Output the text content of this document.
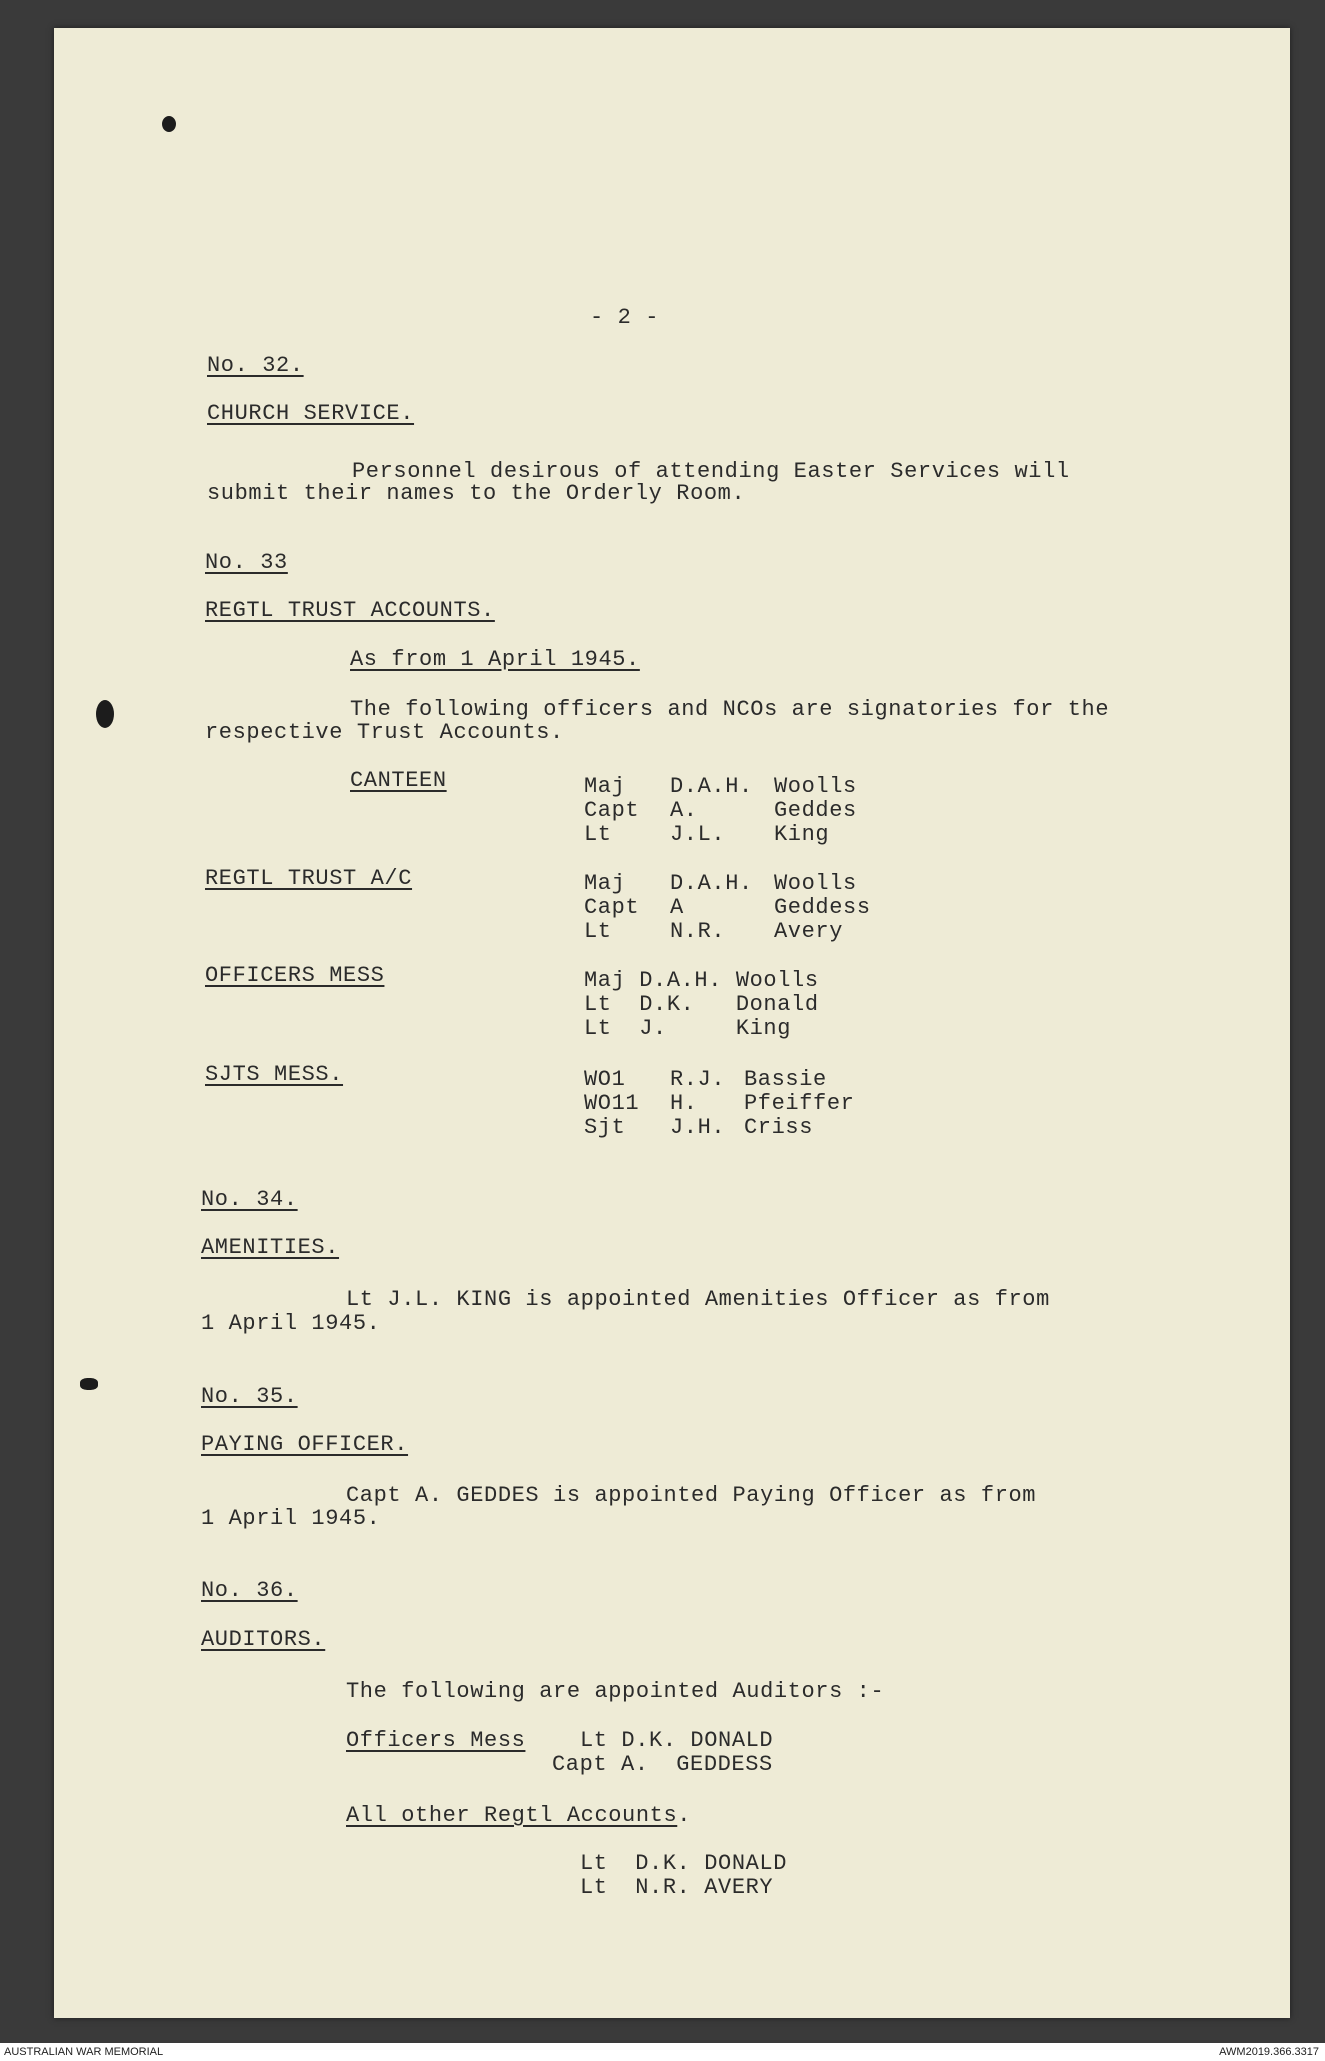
- 2 -
No. 32.
CHURCH SERVICE.
Personnel desirous of attending Easter Services will
submit their names to the Orderly Room.
No. 33
REGTL TRUST ACCOUNTS.
As from 1 April 1945.
The following officers and NCOs are signatories for the
respective Trust Accounts.
CANTEEN	Maj D.A.H. Woolls
Capt A.	Geddes
Lt	J.L. King
REGTL TRUST A/C	Maj D.A.H. Woolls
Capt A	Geddess
Lt	N.R. Avery
OFFICERS MESS	Maj D.A.H. Woolls
Lt  D.K.   Donald
Lt  J.     King
SJTS MESS.	WO1 R.J. Bassie
WO11 H. Pfeiffer
Sjt J.H. Criss
No. 34.
AMENITIES.
Lt J.L. KING is appointed Amenities Officer as from
1 April 1945.
No. 35.
PAYING OFFICER.
Capt A. GEDDES is appointed Paying Officer as from
1 April 1945.
No. 36.
AUDITORS.
The following are appointed Auditors :-
Officers Mess Lt D.K. DONALD
Capt A.  GEDDESS
All other Regtl Accounts.
Lt  D.K. DONALD
Lt  N.R. AVERY
AUSTRALIAN WAR MEMORIAL	AWM2019.366.3317
